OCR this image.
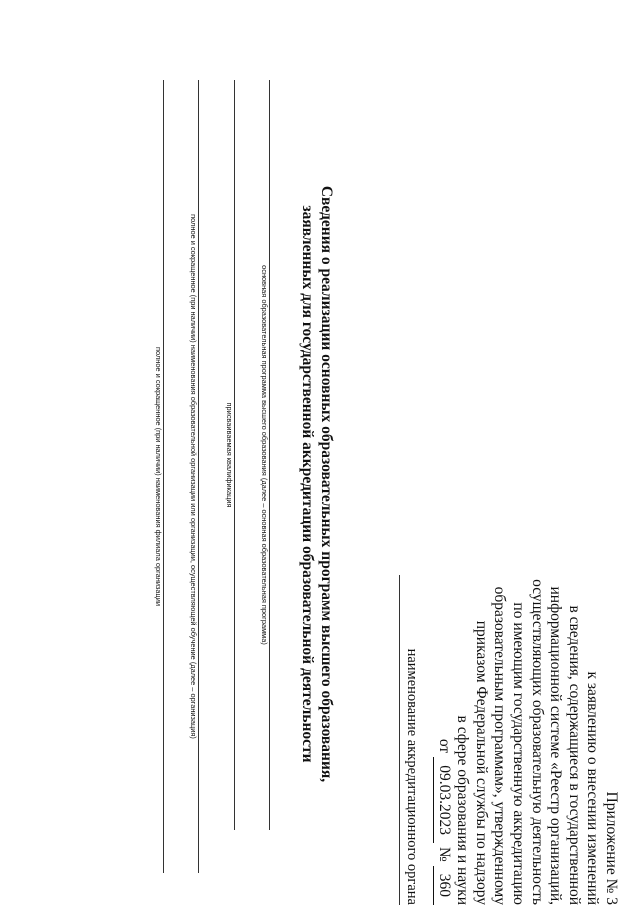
Приложение № 3

к заявлению о внесении изменений

в сведения, содержащиеся в государственной

информационной системе «Реестр организаций,

осуществляющих образовательную деятельность

по имеющим государственную аккредитацию

образовательным программам», утвержденному

приказом Федеральной службы по надзору

в сфере образования и науки

от
09.03.2023
№
360

наименование аккредитационного органа

Сведения о реализации основных образовательных программ высшего образования,

заявленных для государственной аккредитации образовательной деятельности

основная образовательная программа высшего образования (далее – основная образовательная программа)
присваиваемая квалификация
полное и сокращенное (при наличии) наименования образовательной организации или организации, осуществляющей обучение (далее – организация)
полное и сокращенное (при наличии) наименования филиала организации
